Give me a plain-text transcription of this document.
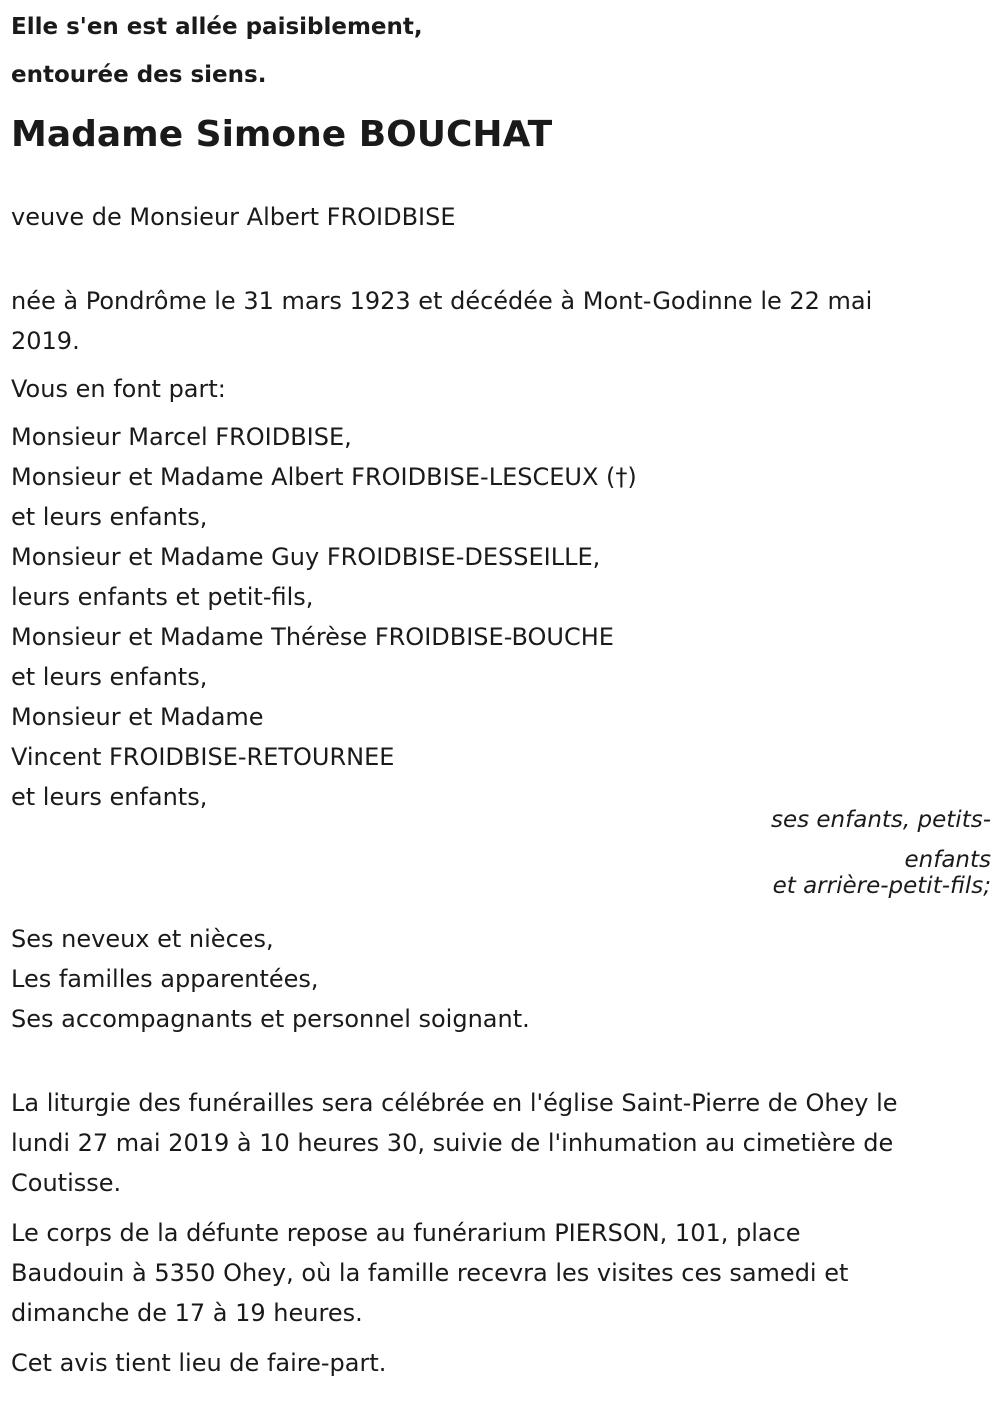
Elle s'en est allée paisiblement,
entourée des siens.
Madame Simone BOUCHAT

veuve de Monsieur Albert FROIDBISE

née à Pondrôme le 31 mars 1923 et décédée à Mont-Godinne le 22 mai

2019.

Vous en font part:

Monsieur Marcel FROIDBISE,

Monsieur et Madame Albert FROIDBISE-LESCEUX (†)

et leurs enfants,

Monsieur et Madame Guy FROIDBISE-DESSEILLE,

leurs enfants et petit-fils,

Monsieur et Madame Thérèse FROIDBISE-BOUCHE

et leurs enfants,

Monsieur et Madame

Vincent FROIDBISE-RETOURNEE

et leurs enfants,

ses enfants, petits-
enfants
et arrière-petit-fils;

Ses neveux et nièces,

Les familles apparentées,

Ses accompagnants et personnel soignant.

La liturgie des funérailles sera célébrée en l'église Saint-Pierre de Ohey le

lundi 27 mai 2019 à 10 heures 30, suivie de l'inhumation au cimetière de

Coutisse.

Le corps de la défunte repose au funérarium PIERSON, 101, place

Baudouin à 5350 Ohey, où la famille recevra les visites ces samedi et

dimanche de 17 à 19 heures.

Cet avis tient lieu de faire-part.
